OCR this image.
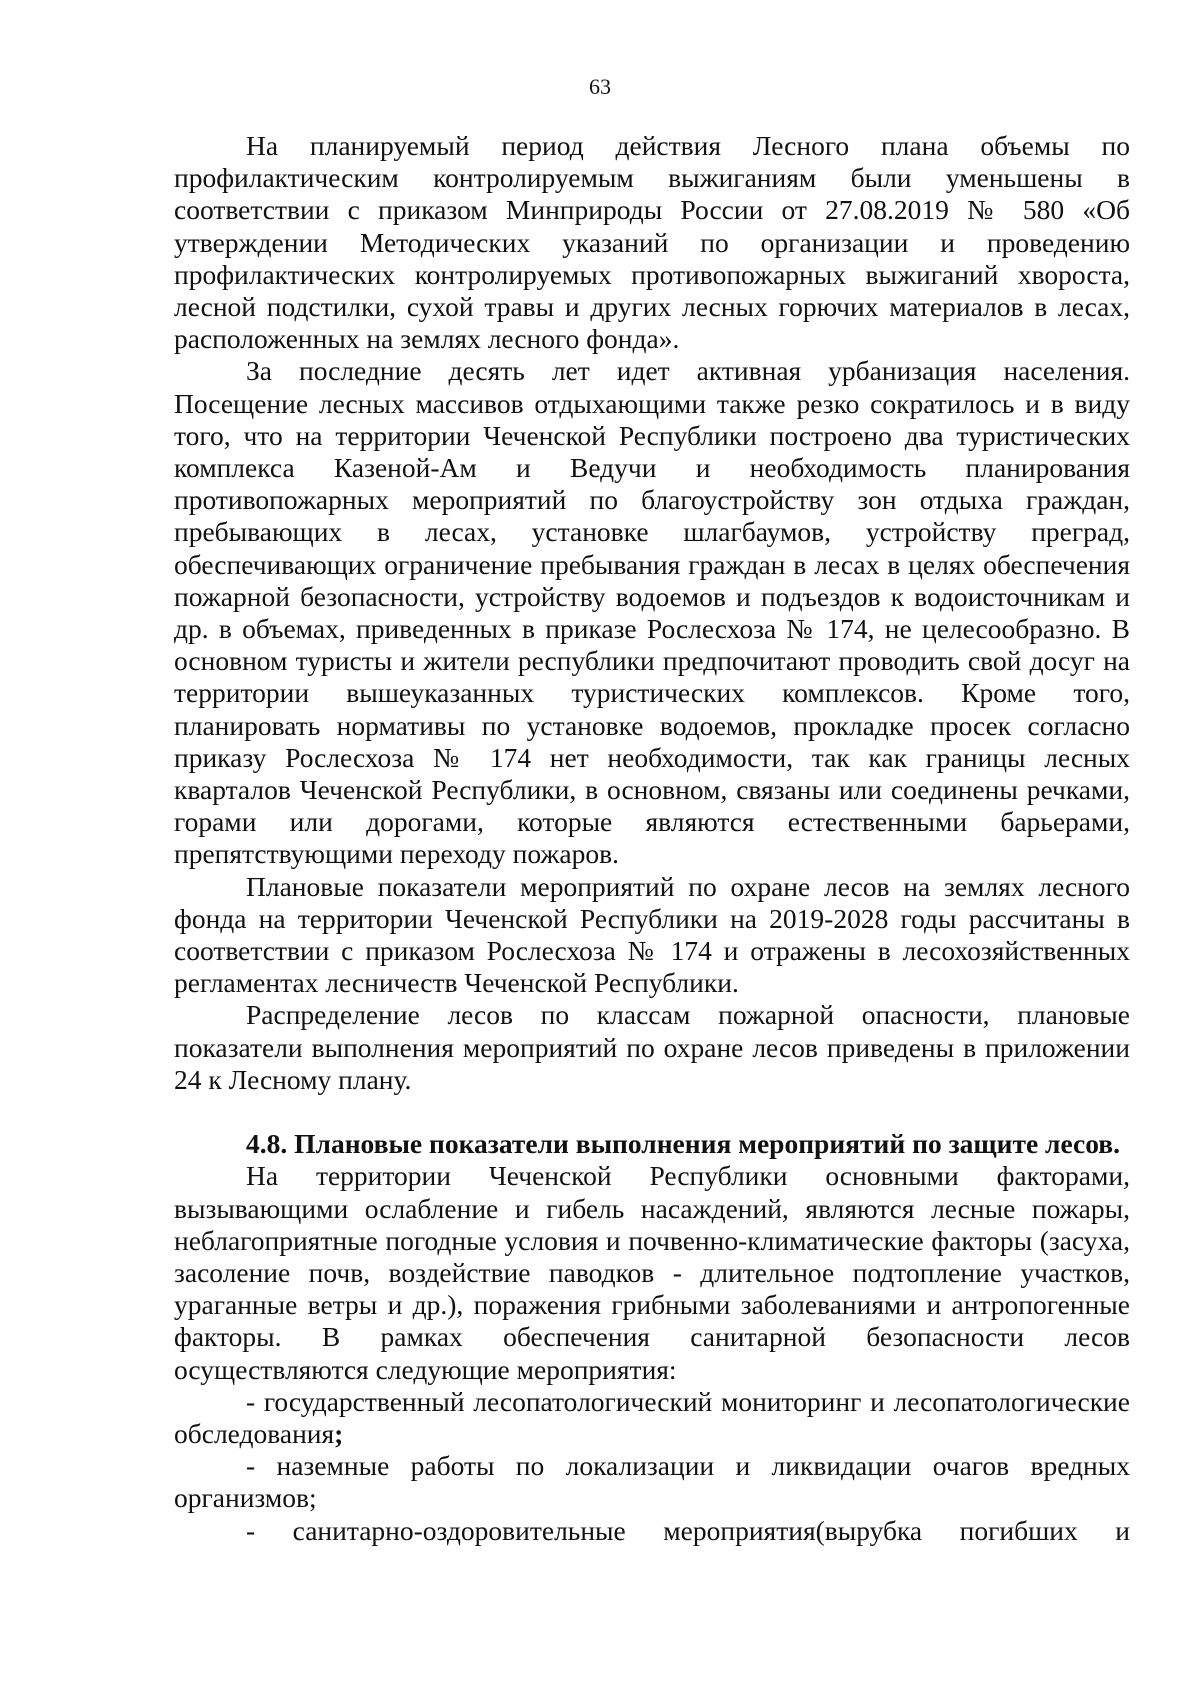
63

На планируемый период действия Лесного плана объемы по профилактическим контролируемым выжиганиям были уменьшены в соответствии с приказом Минприроды России от 27.08.2019 № 580 «Об утверждении Методических указаний по организации и проведению профилактических контролируемых противопожарных выжиганий хвороста, лесной подстилки, сухой травы и других лесных горючих материалов в лесах, расположенных на землях лесного фонда».

За последние десять лет идет активная урбанизация населения. Посещение лесных массивов отдыхающими также резко сократилось и в виду того, что на территории Чеченской Республики построено два туристических комплекса Казеной-Ам и Ведучи и необходимость планирования противопожарных мероприятий по благоустройству зон отдыха граждан, пребывающих в лесах, установке шлагбаумов, устройству преград, обеспечивающих ограничение пребывания граждан в лесах в целях обеспечения пожарной безопасности, устройству водоемов и подъездов к водоисточникам и др. в объемах, приведенных в приказе Рослесхоза № 174, не целесообразно. В основном туристы и жители республики предпочитают проводить свой досуг на территории вышеуказанных туристических комплексов. Кроме того, планировать нормативы по установке водоемов, прокладке просек согласно приказу Рослесхоза № 174 нет необходимости, так как границы лесных кварталов Чеченской Республики, в основном, связаны или соединены речками, горами или дорогами, которые являются естественными барьерами, препятствующими переходу пожаров.

Плановые показатели мероприятий по охране лесов на землях лесного фонда на территории Чеченской Республики на 2019-2028 годы рассчитаны в соответствии с приказом Рослесхоза № 174 и отражены в лесохозяйственных регламентах лесничеств Чеченской Республики.

Распределение лесов по классам пожарной опасности, плановые показатели выполнения мероприятий по охране лесов приведены в приложении 24 к Лесному плану.

4.8. Плановые показатели выполнения мероприятий по защите лесов.

На территории Чеченской Республики основными факторами, вызывающими ослабление и гибель насаждений, являются лесные пожары, неблагоприятные погодные условия и почвенно-климатические факторы (засуха, засоление почв, воздействие паводков - длительное подтопление участков, ураганные ветры и др.), поражения грибными заболеваниями и антропогенные факторы. В рамках обеспечения санитарной безопасности лесов осуществляются следующие мероприятия:

- государственный лесопатологический мониторинг и лесопатологические обследования;

- наземные работы по локализации и ликвидации очагов вредных организмов;

- санитарно-оздоровительные мероприятия(вырубка погибших и
